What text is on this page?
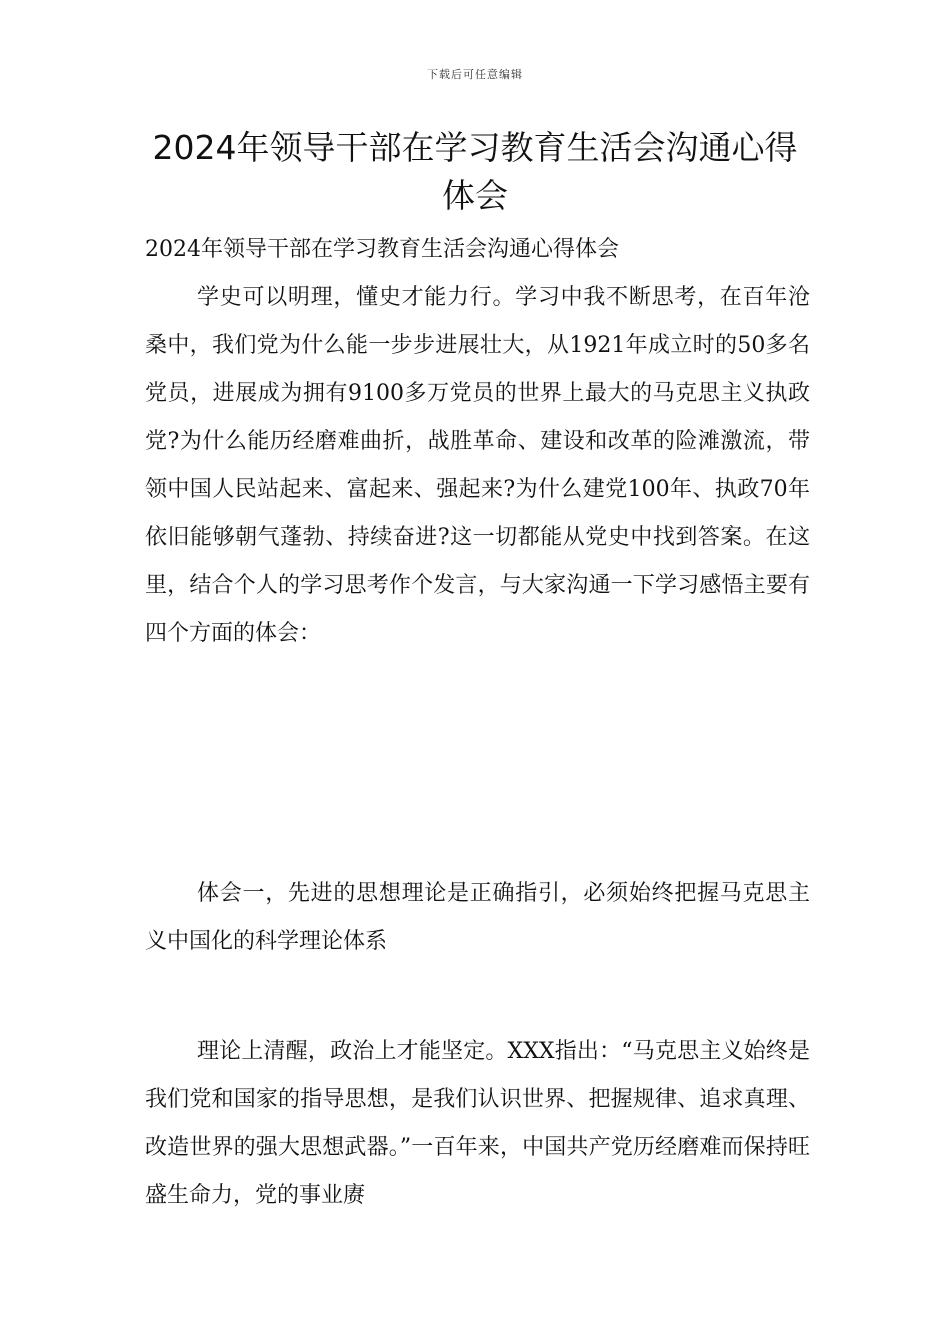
下载后可任意编辑
2024年领导干部在学习教育生活会沟通心得体会

2024年领导干部在学习教育生活会沟通心得体会

学史可以明理，懂史才能力行。学习中我不断思考，在百年沧桑中，我们党为什么能一步步进展壮大，从1921年成立时的50多名党员，进展成为拥有9100多万党员的世界上最大的马克思主义执政党?为什么能历经磨难曲折，战胜革命、建设和改革的险滩激流，带领中国人民站起来、富起来、强起来?为什么建党100年、执政70年依旧能够朝气蓬勃、持续奋进?这一切都能从党史中找到答案。在这里，结合个人的学习思考作个发言，与大家沟通一下学习感悟主要有四个方面的体会：

体会一，先进的思想理论是正确指引，必须始终把握马克思主义中国化的科学理论体系

理论上清醒，政治上才能坚定。XXX指出：“马克思主义始终是我们党和国家的指导思想，是我们认识世界、把握规律、追求真理、改造世界的强大思想武器。”一百年来，中国共产党历经磨难而保持旺盛生命力，党的事业赓
